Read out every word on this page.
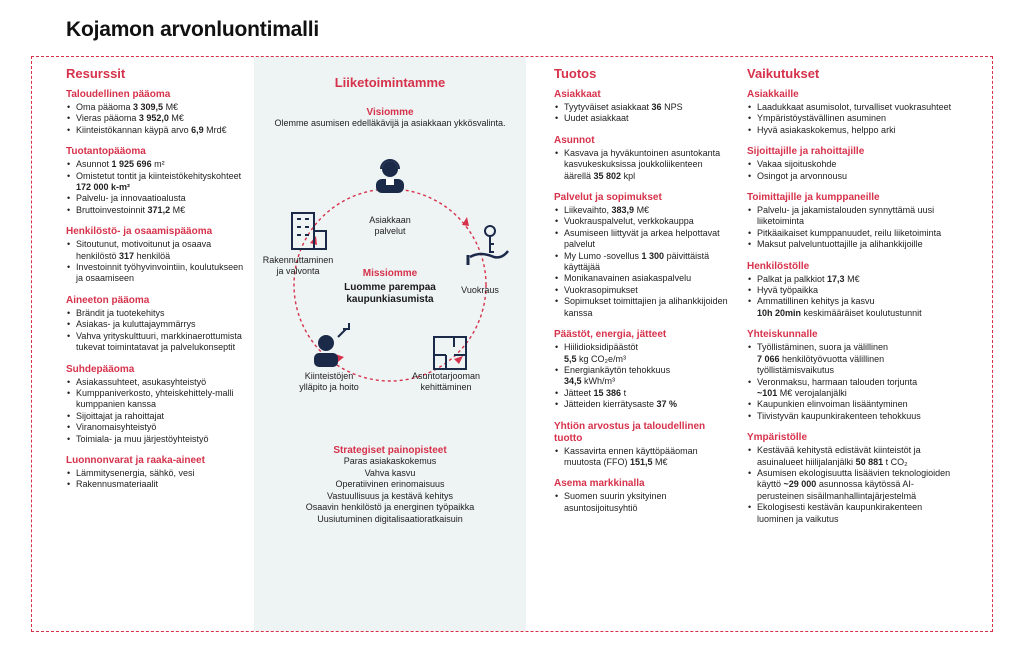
Kojamon arvonluontimalli
Resurssit
Taloudellinen pääoma
• Oma pääoma 3 309,5 M€
• Vieras pääoma 3 952,0 M€
• Kiinteistökannan käypä arvo 6,9 Mrd€
Tuotantopääoma
• Asunnot 1 925 696 m²
• Omistetut tontit ja kiinteistökehityskohteet
172 000 k-m²
• Palvelu- ja innovaatioalusta
• Bruttoinvestoinnit 371,2 M€
Henkilöstö- ja osaamispääoma
• Sitoutunut, motivoitunut ja osaava henkilöstö 317 henkilöä
• Investoinnit työhyvinvointiin, koulutukseen ja osaamiseen
Aineeton pääoma
• Brändit ja tuotekehitys
• Asiakas- ja kuluttajaymmärrys
• Vahva yrityskulttuuri, markkinaerottumista tukevat toimintatavat ja palvelukonseptit
Suhdepääoma
• Asiakassuhteet, asukasyhteistyö
• Kumppaniverkosto, yhteiskehittely-malli kumppanien kanssa
• Sijoittajat ja rahoittajat
• Viranomaisyhteistyö
• Toimiala- ja muu järjestöyhteistyö
Luonnonvarat ja raaka-aineet
• Lämmitysenergia, sähkö, vesi
• Rakennusmateriaalit
Liiketoimintamme
Visiomme
Olemme asumisen edelläkävijä ja asiakkaan ykkösvalinta.
Asiakkaan palvelut
Vuokraus
Asuntotarjooman kehittäminen
Kiinteistöjen ylläpito ja hoito
Rakennuttaminen ja valvonta	Missiomme
Luomme parempaa kaupunkiasumista
Strategiset painopisteet
Paras asiakaskokemus
Vahva kasvu
Operatiivinen erinomaisuus
Vastuullisuus ja kestävä kehitys
Osaavin henkilöstö ja energinen työpaikka
Uusiutuminen digitalisaatioratkaisuin
Tuotos
Asiakkaat
• Tyytyväiset asiakkaat 36 NPS
• Uudet asiakkaat
Asunnot
• Kasvava ja hyväkuntoinen asuntokanta kasvukeskuksissa joukkoliikenteen äärellä 35 802 kpl
Palvelut ja sopimukset
• Liikevaihto, 383,9 M€
• Vuokrauspalvelut, verkkokauppa
• Asumiseen liittyvät ja arkea helpottavat palvelut
• My Lumo -sovellus 1 300 päivittäistä käyttäjää
• Monikanavainen asiakaspalvelu
• Vuokrasopimukset
• Sopimukset toimittajien ja alihankkijoiden kanssa
Päästöt, energia, jätteet
• Hiilidioksidipäästöt
5,5 kg CO₂e/m³
• Energiankäytön tehokkuus
34,5 kWh/m³
• Jätteet 15 386 t
• Jätteiden kierrätysaste 37 %
Yhtiön arvostus ja taloudellinen tuotto
• Kassavirta ennen käyttöpääoman muutosta (FFO) 151,5 M€
Asema markkinalla
• Suomen suurin yksityinen asuntosijoitusyhtiö
Vaikutukset
Asiakkaille
• Laadukkaat asumisolot, turvalliset vuokrasuhteet
• Ympäristöystävällinen asuminen
• Hyvä asiakaskokemus, helppo arki
Sijoittajille ja rahoittajille
• Vakaa sijoituskohde
• Osingot ja arvonnousu
Toimittajille ja kumppaneille
• Palvelu- ja jakamistalouden synnyttämä uusi liiketoiminta
• Pitkäaikaiset kumppanuudet, reilu liiketoiminta
• Maksut palveluntuottajille ja alihankkijoille
Henkilöstölle
• Palkat ja palkkiot 17,3 M€
• Hyvä työpaikka
• Ammatillinen kehitys ja kasvu
10h 20min keskimääräiset koulutustunnit
Yhteiskunnalle
• Työllistäminen, suora ja välillinen
7 066 henkilötyövuotta välillinen työllistämisvaikutus
• Veronmaksu, harmaan talouden torjunta
~101 M€ verojalanjälki
• Kaupunkien elinvoiman lisääntyminen
• Tiivistyvän kaupunkirakenteen tehokkuus
Ympäristölle
• Kestävää kehitystä edistävät kiinteistöt ja asuinalueet hiilijalanjälki 50 881 t CO₂
• Asumisen ekologisuutta lisäävien teknologioiden käyttö ~29 000 asunnossa käytössä AI-perusteinen sisäilmanhallintajärjestelmä
• Ekologisesti kestävän kaupunkirakenteen luominen ja vaikutus
